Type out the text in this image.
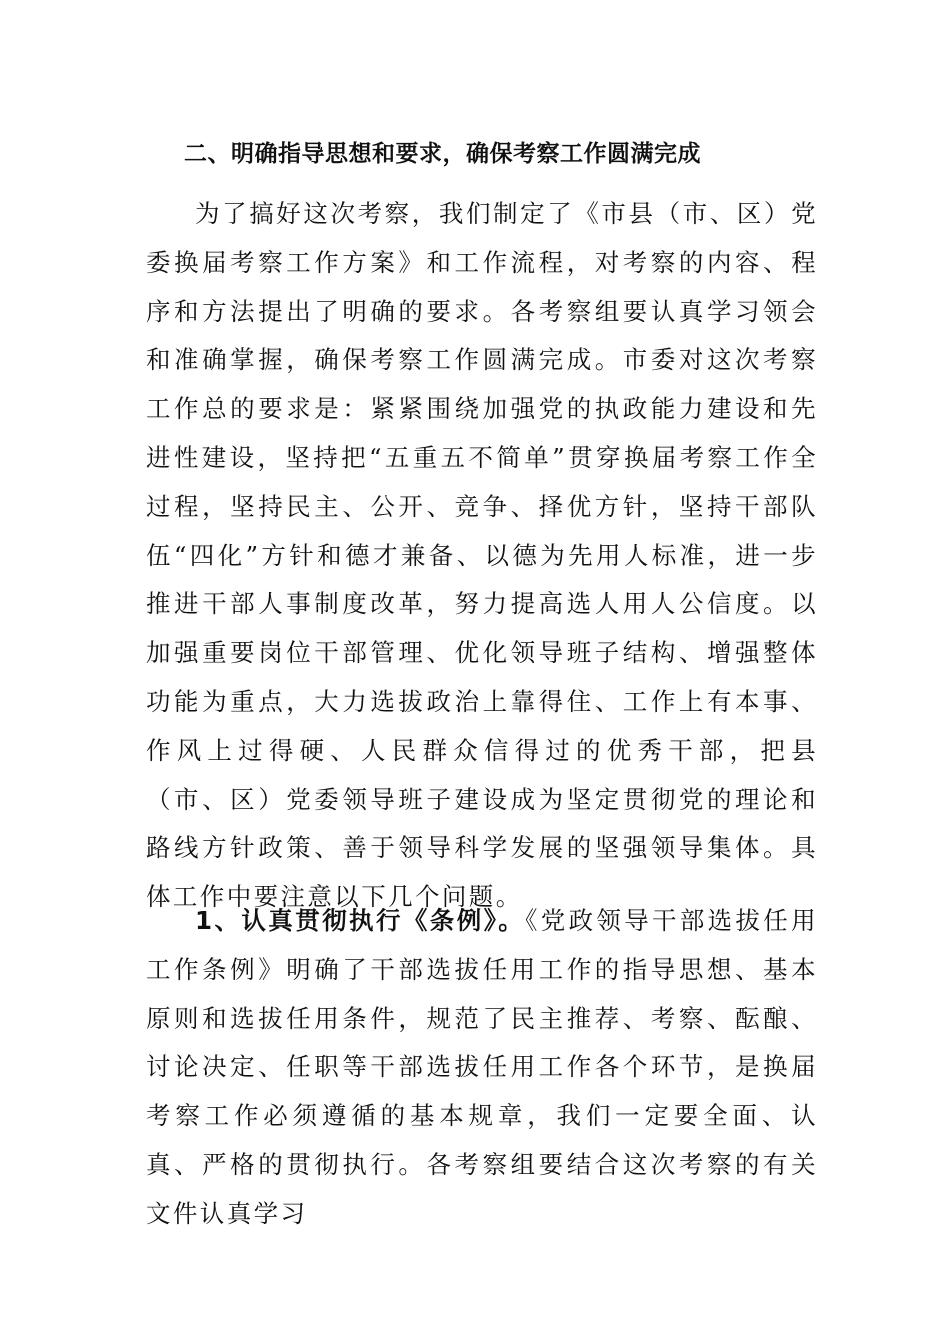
二、明确指导思想和要求，确保考察工作圆满完成

为了搞好这次考察，我们制定了《市县（市、区）党委换届考察工作方案》和工作流程，对考察的内容、程序和方法提出了明确的要求。各考察组要认真学习领会和准确掌握，确保考察工作圆满完成。市委对这次考察工作总的要求是：紧紧围绕加强党的执政能力建设和先进性建设，坚持把“五重五不简单”贯穿换届考察工作全过程，坚持民主、公开、竞争、择优方针，坚持干部队伍“四化”方针和德才兼备、以德为先用人标准，进一步推进干部人事制度改革，努力提高选人用人公信度。以加强重要岗位干部管理、优化领导班子结构、增强整体功能为重点，大力选拔政治上靠得住、工作上有本事、作风上过得硬、人民群众信得过的优秀干部，把县（市、区）党委领导班子建设成为坚定贯彻党的理论和路线方针政策、善于领导科学发展的坚强领导集体。具体工作中要注意以下几个问题。

1、认真贯彻执行《条例》。《党政领导干部选拔任用工作条例》明确了干部选拔任用工作的指导思想、基本原则和选拔任用条件，规范了民主推荐、考察、酝酿、讨论决定、任职等干部选拔任用工作各个环节，是换届考察工作必须遵循的基本规章，我们一定要全面、认真、严格的贯彻执行。各考察组要结合这次考察的有关文件认真学习
